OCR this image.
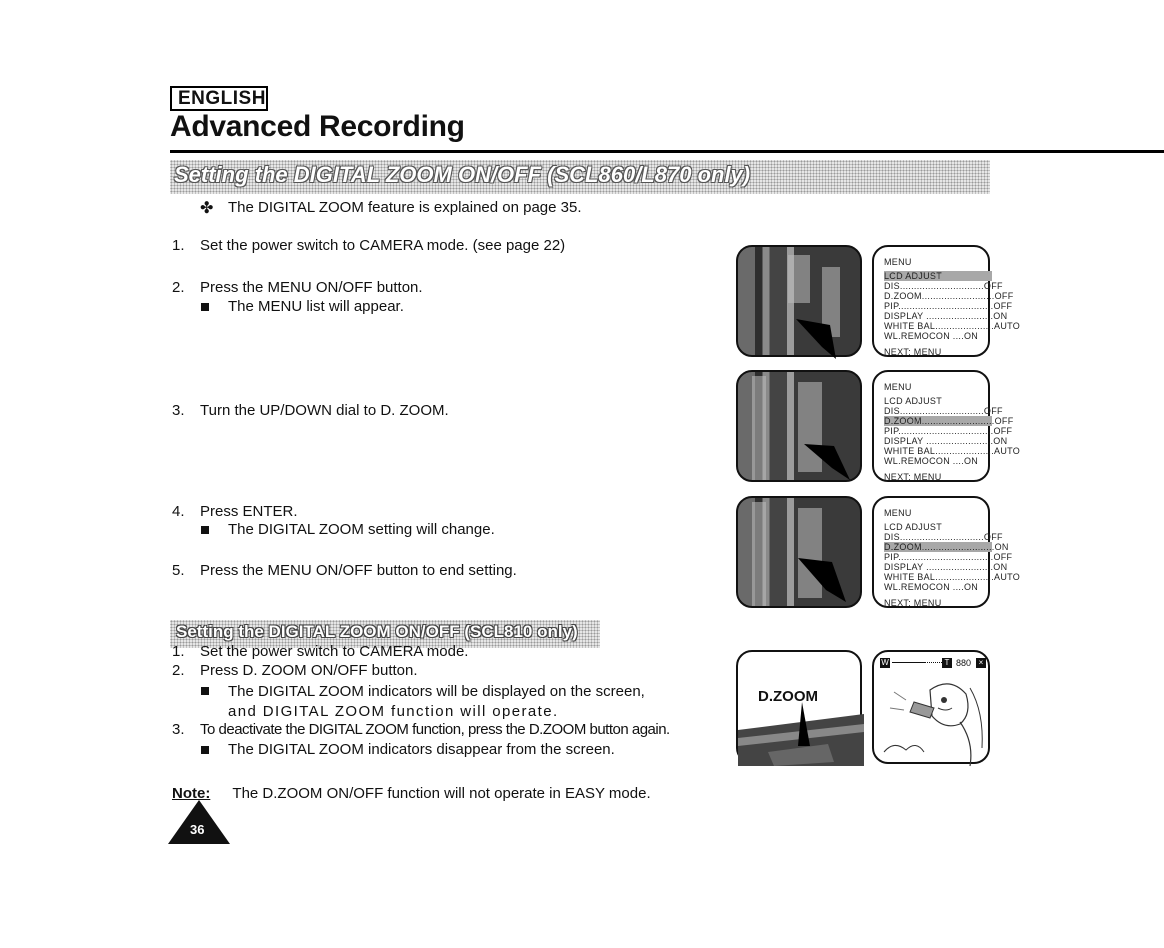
ENGLISH
Advanced Recording
Setting the DIGITAL ZOOM ON/OFF (SCL860/L870 only)
✤ The DIGITAL ZOOM feature is explained on page 35.
1. Set the power switch to CAMERA mode. (see page 22)
2. Press the MENU ON/OFF button.
The MENU list will appear.
3. Turn the UP/DOWN dial to D. ZOOM.
4. Press ENTER.
The DIGITAL ZOOM setting will change.
5. Press the MENU ON/OFF button to end setting.
Setting the DIGITAL ZOOM ON/OFF (SCL810 only)
1. Set the power switch to CAMERA mode.
2. Press D. ZOOM ON/OFF button.
The DIGITAL ZOOM indicators will be displayed on the screen,
and DIGITAL ZOOM function will operate.
3. To deactivate the DIGITAL ZOOM function, press the D.ZOOM button again.
The DIGITAL ZOOM indicators disappear from the screen.
Note: The D.ZOOM ON/OFF function will not operate in EASY mode.
36
MENU
LCD ADJUST
DIS..............................OFF
D.ZOOM..........................OFF
PIP..................................OFF
DISPLAY ........................ON
WHITE BAL.....................AUTO
WL.REMOCON ....ON
NEXT: MENU
MENU
LCD ADJUST
DIS..............................OFF
D.ZOOM..........................OFF
PIP..................................OFF
DISPLAY ........................ON
WHITE BAL.....................AUTO
WL.REMOCON ....ON
NEXT: MENU
MENU
LCD ADJUST
DIS..............................OFF
D.ZOOM..........................ON
PIP..................................OFF
DISPLAY ........................ON
WHITE BAL.....................AUTO
WL.REMOCON ....ON
NEXT: MENU
D.ZOOM
W	T 880 ×
